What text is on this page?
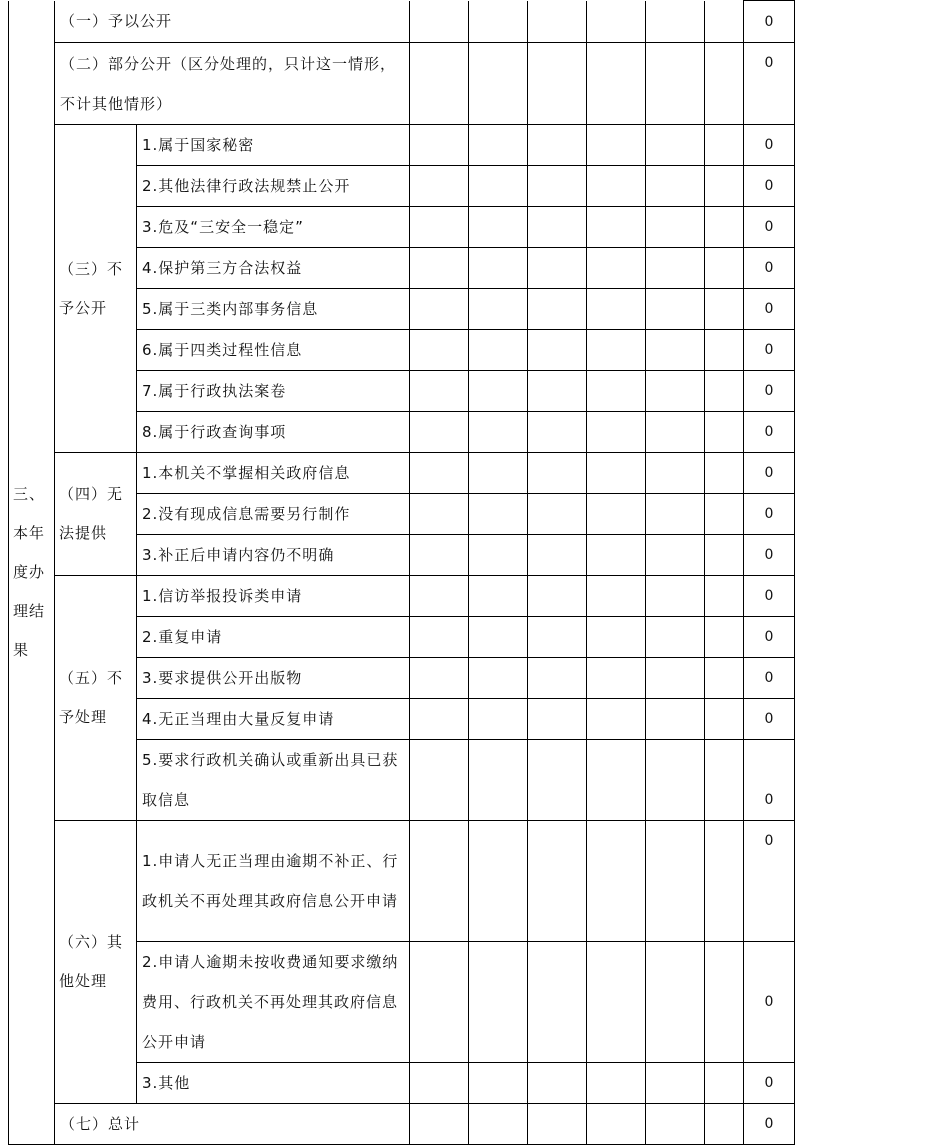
三、本年度办理结果	（一）予以公开								0
	（二）部分公开（区分处理的，只计这一情形，不计其他情形）								0
	（三）不予公开	1.属于国家秘密							0
		2.其他法律行政法规禁止公开							0
		3.危及“三安全一稳定”							0
		4.保护第三方合法权益							0
		5.属于三类内部事务信息							0
		6.属于四类过程性信息							0
		7.属于行政执法案卷							0
		8.属于行政查询事项							0
	（四）无法提供	1.本机关不掌握相关政府信息							0
		2.没有现成信息需要另行制作							0
		3.补正后申请内容仍不明确							0
	（五）不予处理	1.信访举报投诉类申请							0
		2.重复申请							0
		3.要求提供公开出版物							0
		4.无正当理由大量反复申请							0
		5.要求行政机关确认或重新出具已获取信息							0
	（六）其他处理	1.申请人无正当理由逾期不补正、行政机关不再处理其政府信息公开申请							0
		2.申请人逾期未按收费通知要求缴纳费用、行政机关不再处理其政府信息公开申请							0
		3.其他							0
	（七）总计								0
